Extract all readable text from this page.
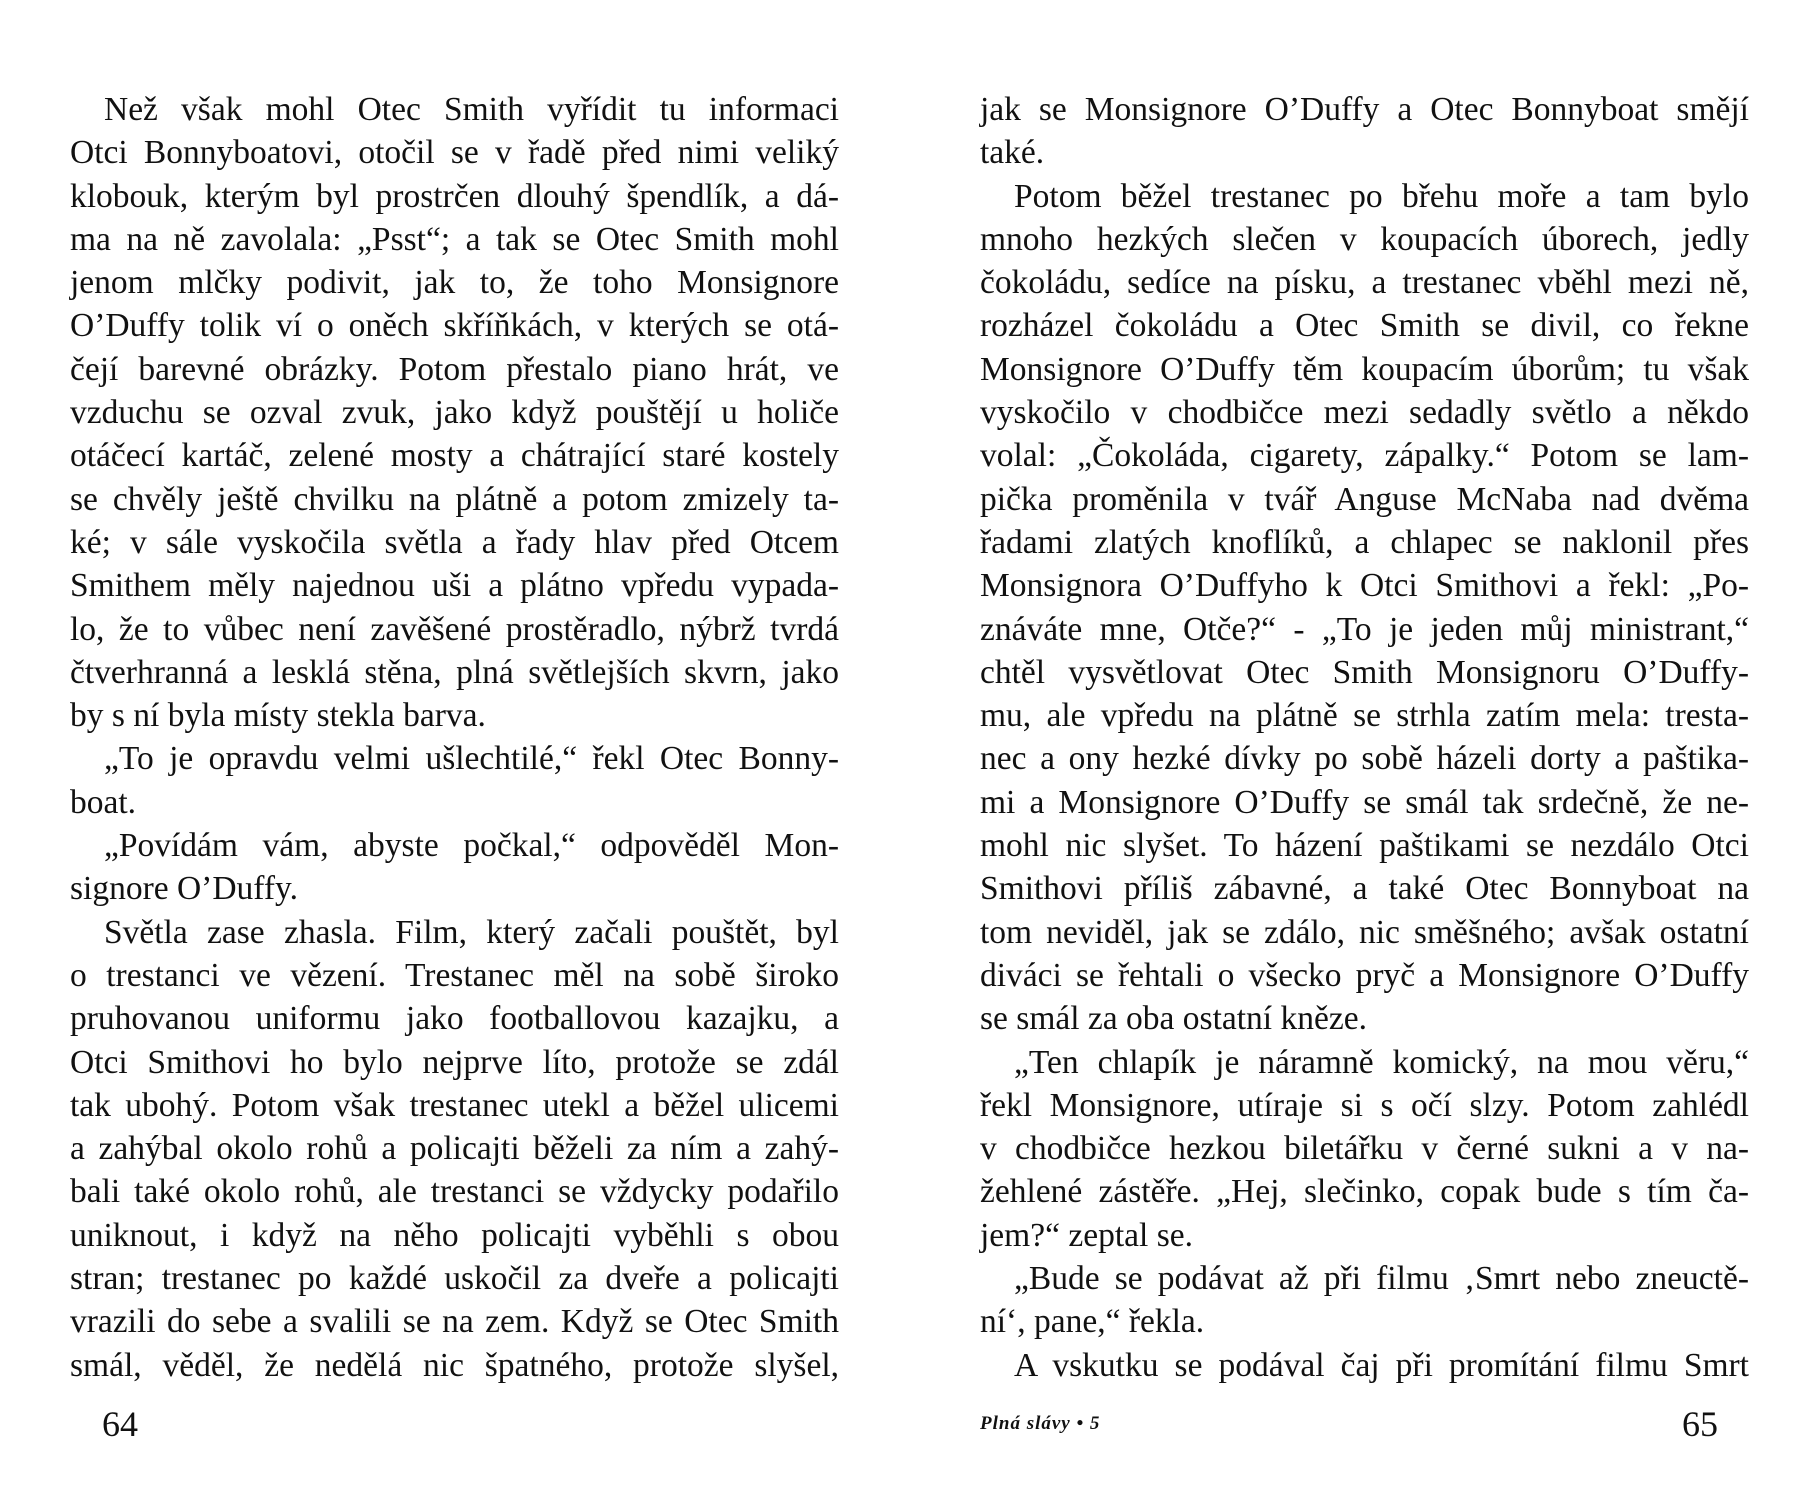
Než však mohl Otec Smith vyřídit tu informaci
Otci Bonnyboatovi, otočil se v řadě před nimi veliký
klobouk, kterým byl prostrčen dlouhý špendlík, a dá-
ma na ně zavolala: „Psst“; a tak se Otec Smith mohl
jenom mlčky podivit, jak to, že toho Monsignore
O’Duffy tolik ví o oněch skříňkách, v kterých se otá-
čejí barevné obrázky. Potom přestalo piano hrát, ve
vzduchu se ozval zvuk, jako když pouštějí u holiče
otáčecí kartáč, zelené mosty a chátrající staré kostely
se chvěly ještě chvilku na plátně a potom zmizely ta-
ké; v sále vyskočila světla a řady hlav před Otcem
Smithem měly najednou uši a plátno vpředu vypada-
lo, že to vůbec není zavěšené prostěradlo, nýbrž tvrdá
čtverhranná a lesklá stěna, plná světlejších skvrn, jako
by s ní byla místy stekla barva.
„To je opravdu velmi ušlechtilé,“ řekl Otec Bonny-
boat.
„Povídám vám, abyste počkal,“ odpověděl Mon-
signore O’Duffy.
Světla zase zhasla. Film, který začali pouštět, byl
o trestanci ve vězení. Trestanec měl na sobě široko
pruhovanou uniformu jako footballovou kazajku, a
Otci Smithovi ho bylo nejprve líto, protože se zdál
tak ubohý. Potom však trestanec utekl a běžel ulicemi
a zahýbal okolo rohů a policajti běželi za ním a zahý-
bali také okolo rohů, ale trestanci se vždycky podařilo
uniknout, i když na něho policajti vyběhli s obou
stran; trestanec po každé uskočil za dveře a policajti
vrazili do sebe a svalili se na zem. Když se Otec Smith
smál, věděl, že nedělá nic špatného, protože slyšel,
jak se Monsignore O’Duffy a Otec Bonnyboat smějí
také.
Potom běžel trestanec po břehu moře a tam bylo
mnoho hezkých slečen v koupacích úborech, jedly
čokoládu, sedíce na písku, a trestanec vběhl mezi ně,
rozházel čokoládu a Otec Smith se divil, co řekne
Monsignore O’Duffy těm koupacím úborům; tu však
vyskočilo v chodbičce mezi sedadly světlo a někdo
volal: „Čokoláda, cigarety, zápalky.“ Potom se lam-
pička proměnila v tvář Anguse McNaba nad dvěma
řadami zlatých knoflíků, a chlapec se naklonil přes
Monsignora O’Duffyho k Otci Smithovi a řekl: „Po-
znáváte mne, Otče?“ - „To je jeden můj ministrant,“
chtěl vysvětlovat Otec Smith Monsignoru O’Duffy-
mu, ale vpředu na plátně se strhla zatím mela: tresta-
nec a ony hezké dívky po sobě házeli dorty a paštika-
mi a Monsignore O’Duffy se smál tak srdečně, že ne-
mohl nic slyšet. To házení paštikami se nezdálo Otci
Smithovi příliš zábavné, a také Otec Bonnyboat na
tom neviděl, jak se zdálo, nic směšného; avšak ostatní
diváci se řehtali o všecko pryč a Monsignore O’Duffy
se smál za oba ostatní kněze.
„Ten chlapík je náramně komický, na mou věru,“
řekl Monsignore, utíraje si s očí slzy. Potom zahlédl
v chodbičce hezkou biletářku v černé sukni a v na-
žehlené zástěře. „Hej, slečinko, copak bude s tím ča-
jem?“ zeptal se.
„Bude se podávat až při filmu ‚Smrt nebo zneuctě-
ní‘, pane,“ řekla.
A vskutku se podával čaj při promítání filmu Smrt
64	Plná slávy • 5	65
